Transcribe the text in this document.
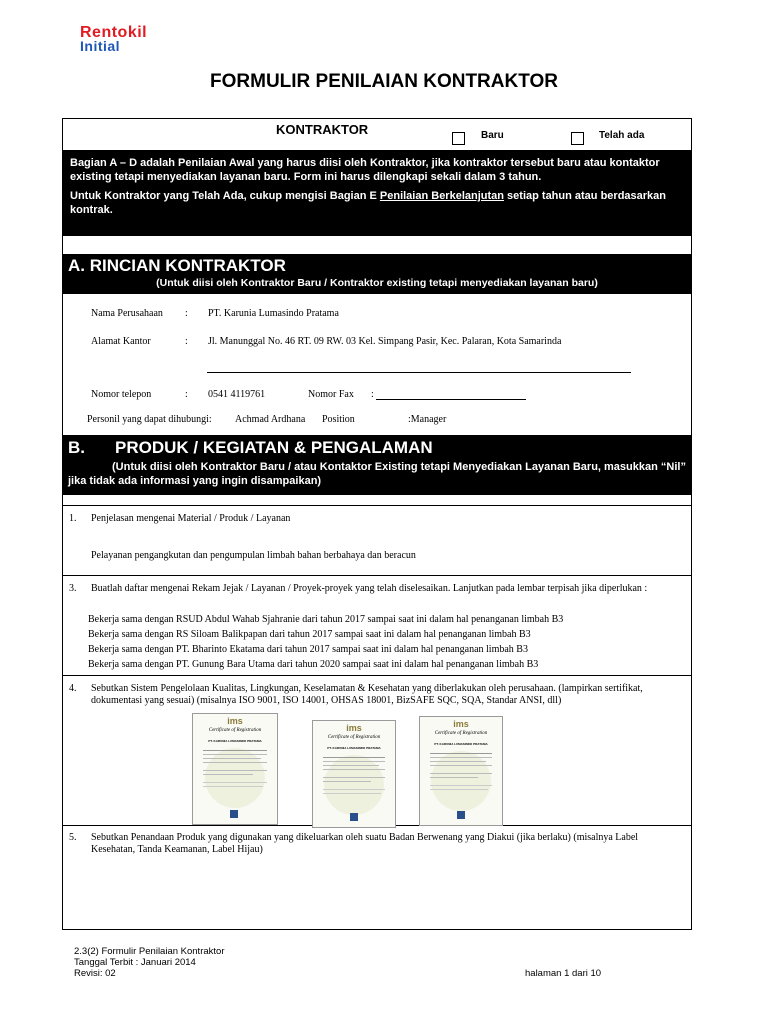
Rentokil
Initial
FORMULIR PENILAIAN KONTRAKTOR
KONTRAKTOR	Baru	Telah ada
Bagian A – D adalah Penilaian Awal yang harus diisi oleh Kontraktor, jika kontraktor tersebut baru atau kontaktor existing tetapi menyediakan layanan baru. Form ini harus dilengkapi sekali dalam 3 tahun.
Untuk Kontraktor yang Telah Ada, cukup mengisi Bagian E Penilaian Berkelanjutan setiap tahun atau berdasarkan kontrak.
A. RINCIAN KONTRAKTOR
(Untuk diisi oleh Kontraktor Baru / Kontraktor existing tetapi menyediakan layanan baru)
Nama Perusahaan : PT. Karunia Lumasindo Pratama
Alamat Kantor	: Jl. Manunggal No. 46 RT. 09 RW. 03 Kel. Simpang Pasir, Kec. Palaran, Kota Samarinda
Nomor telepon	: 0541 4119761	Nomor Fax :
Personil yang dapat dihubungi: Achmad Ardhana Position	:Manager
B. PRODUK / KEGIATAN & PENGALAMAN
(Untuk diisi oleh Kontraktor Baru / atau Kontaktor Existing tetapi Menyediakan Layanan Baru, masukkan “Nil” jika tidak ada informasi yang ingin disampaikan)
1. Penjelasan mengenai Material / Produk / Layanan
Pelayanan pengangkutan dan pengumpulan limbah bahan berbahaya dan beracun
3. Buatlah daftar mengenai Rekam Jejak / Layanan / Proyek-proyek yang telah diselesaikan. Lanjutkan pada lembar terpisah jika diperlukan :
Bekerja sama dengan RSUD Abdul Wahab Sjahranie dari tahun 2017 sampai saat ini dalam hal penanganan limbah B3
Bekerja sama dengan RS Siloam Balikpapan dari tahun 2017 sampai saat ini dalam hal penanganan limbah B3
Bekerja sama dengan PT. Bharinto Ekatama dari tahun 2017 sampai saat ini dalam hal penanganan limbah B3
Bekerja sama dengan PT. Gunung Bara Utama dari tahun 2020 sampai saat ini dalam hal penanganan limbah B3
4. Sebutkan Sistem Pengelolaan Kualitas, Lingkungan, Keselamatan & Kesehatan yang diberlakukan oleh perusahaan. (lampirkan sertifikat, dokumentasi yang sesuai) (misalnya ISO 9001, ISO 14001, OHSAS 18001, BizSAFE SQC, SQA, Standar ANSI, dll)
ims
Certificate of Registration
PT. KARUNIA LUMASINDO PRATAMA
ims
Certificate of Registration
PT. KARUNIA LUMASINDO PRATAMA
ims
Certificate of Registration
PT. KARUNIA LUMASINDO PRATAMA
5. Sebutkan Penandaan Produk yang digunakan yang dikeluarkan oleh suatu Badan Berwenang yang Diakui (jika berlaku) (misalnya Label Kesehatan, Tanda Keamanan, Label Hijau)
2.3(2) Formulir Penilaian Kontraktor
Tanggal Terbit : Januari 2014
Revisi: 02	halaman 1 dari 10
